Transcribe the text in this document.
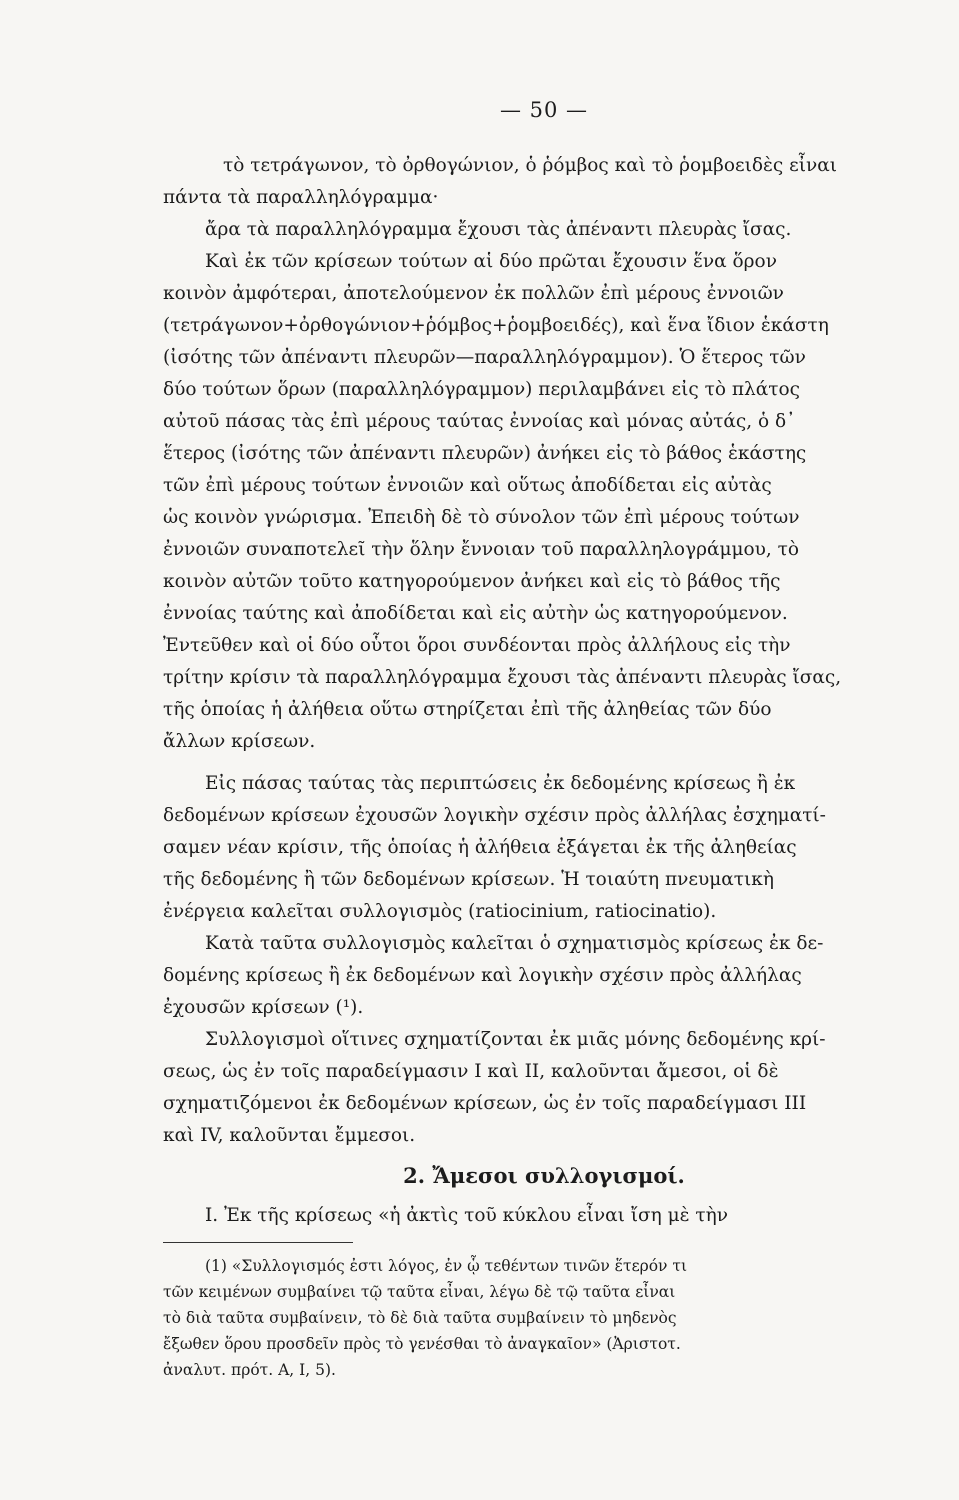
— 50 —
τὸ τετράγωνον, τὸ ὀρθογώνιον, ὁ ῥόμβος καὶ τὸ ῥομβοειδὲς εἶναι
πάντα τὰ παραλληλόγραμμα·
ἄρα τὰ παραλληλόγραμμα ἔχουσι τὰς ἀπέναντι πλευρὰς ἴσας.
Καὶ ἐκ τῶν κρίσεων τούτων αἱ δύο πρῶται ἔχουσιν ἕνα ὅρον
κοινὸν ἀμφότεραι, ἀποτελούμενον ἐκ πολλῶν ἐπὶ μέρους ἐννοιῶν
(τετράγωνον+ὀρθογώνιον+ῥόμβος+ῥομβοειδές), καὶ ἕνα ἴδιον ἑκάστη
(ἰσότης τῶν ἀπέναντι πλευρῶν—παραλληλόγραμμον). Ὁ ἕτερος τῶν
δύο τούτων ὅρων (παραλληλόγραμμον) περιλαμβάνει εἰς τὸ πλάτος
αὐτοῦ πάσας τὰς ἐπὶ μέρους ταύτας ἐννοίας καὶ μόνας αὐτάς, ὁ δ᾿
ἕτερος (ἰσότης τῶν ἀπέναντι πλευρῶν) ἀνήκει εἰς τὸ βάθος ἑκάστης
τῶν ἐπὶ μέρους τούτων ἐννοιῶν καὶ οὕτως ἀποδίδεται εἰς αὐτὰς
ὡς κοινὸν γνώρισμα. Ἐπειδὴ δὲ τὸ σύνολον τῶν ἐπὶ μέρους τούτων
ἐννοιῶν συναποτελεῖ τὴν ὅλην ἔννοιαν τοῦ παραλληλογράμμου, τὸ
κοινὸν αὐτῶν τοῦτο κατηγορούμενον ἀνήκει καὶ εἰς τὸ βάθος τῆς
ἐννοίας ταύτης καὶ ἀποδίδεται καὶ εἰς αὐτὴν ὡς κατηγορούμενον.
Ἐντεῦθεν καὶ οἱ δύο οὗτοι ὅροι συνδέονται πρὸς ἀλλήλους εἰς τὴν
τρίτην κρίσιν τὰ παραλληλόγραμμα ἔχουσι τὰς ἀπέναντι πλευρὰς ἴσας,
τῆς ὁποίας ἡ ἀλήθεια οὕτω στηρίζεται ἐπὶ τῆς ἀληθείας τῶν δύο
ἄλλων κρίσεων.
Εἰς πάσας ταύτας τὰς περιπτώσεις ἐκ δεδομένης κρίσεως ἢ ἐκ
δεδομένων κρίσεων ἐχουσῶν λογικὴν σχέσιν πρὸς ἀλλήλας ἐσχηματί-
σαμεν νέαν κρίσιν, τῆς ὁποίας ἡ ἀλήθεια ἐξάγεται ἐκ τῆς ἀληθείας
τῆς δεδομένης ἢ τῶν δεδομένων κρίσεων. Ἡ τοιαύτη πνευματικὴ
ἐνέργεια καλεῖται συλλογισμὸς (ratiocinium, ratiocinatio).
Κατὰ ταῦτα συλλογισμὸς καλεῖται ὁ σχηματισμὸς κρίσεως ἐκ δε-
δομένης κρίσεως ἢ ἐκ δεδομένων καὶ λογικὴν σχέσιν πρὸς ἀλλήλας
ἐχουσῶν κρίσεων (¹).
Συλλογισμοὶ οἵτινες σχηματίζονται ἐκ μιᾶς μόνης δεδομένης κρί-
σεως, ὡς ἐν τοῖς παραδείγμασιν I καὶ II, καλοῦνται ἄμεσοι, οἱ δὲ
σχηματιζόμενοι ἐκ δεδομένων κρίσεων, ὡς ἐν τοῖς παραδείγμασι III
καὶ IV, καλοῦνται ἔμμεσοι.
2. Ἄμεσοι συλλογισμοί.
I. Ἐκ τῆς κρίσεως «ἡ ἀκτὶς τοῦ κύκλου εἶναι ἴση μὲ τὴν
(1) «Συλλογισμός ἐστι λόγος, ἐν ᾧ τεθέντων τινῶν ἕτερόν τι
τῶν κειμένων συμβαίνει τῷ ταῦτα εἶναι, λέγω δὲ τῷ ταῦτα εἶναι
τὸ διὰ ταῦτα συμβαίνειν, τὸ δὲ διὰ ταῦτα συμβαίνειν τὸ μηδενὸς
ἔξωθεν ὅρου προσδεῖν πρὸς τὸ γενέσθαι τὸ ἀναγκαῖον» (Ἀριστοτ.
ἀναλυτ. πρότ. Α, I, 5).
